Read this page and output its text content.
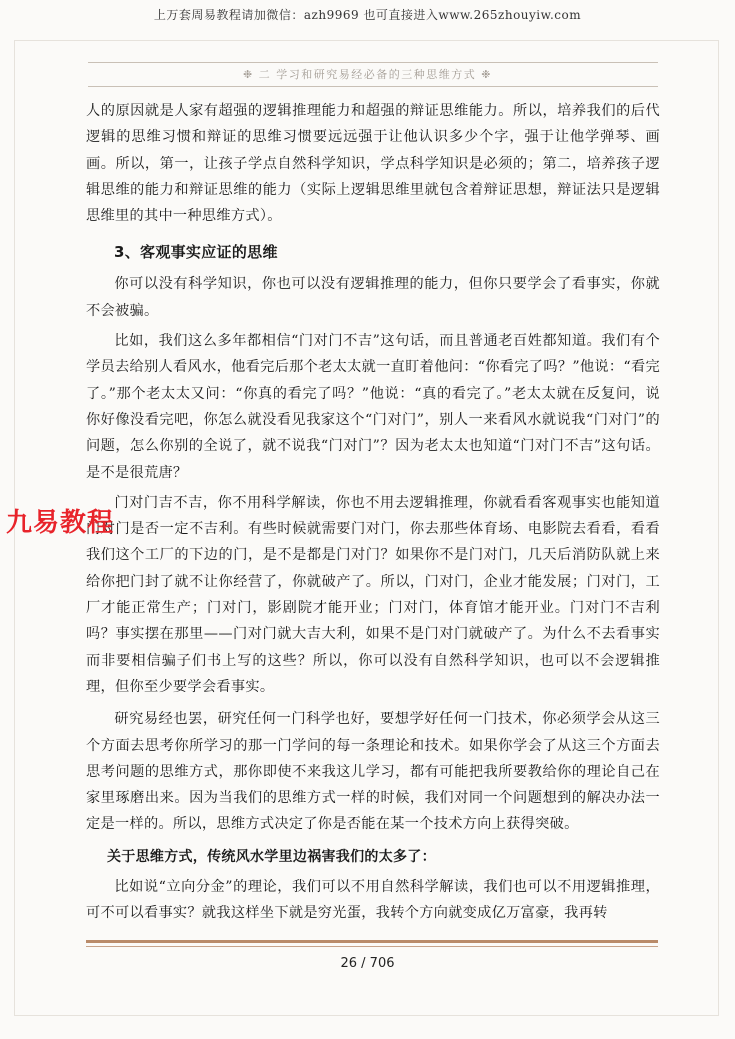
上万套周易教程请加微信：azh9969 也可直接进入www.265zhouyiw.com
❉ 二 学习和研究易经必备的三种思维方式 ❉

人的原因就是人家有超强的逻辑推理能力和超强的辩证思维能力。所以，培养我们的后代逻辑的思维习惯和辩证的思维习惯要远远强于让他认识多少个字，强于让他学弹琴、画画。所以，第一，让孩子学点自然科学知识，学点科学知识是必须的；第二，培养孩子逻辑思维的能力和辩证思维的能力（实际上逻辑思维里就包含着辩证思想，辩证法只是逻辑思维里的其中一种思维方式）。

3、客观事实应证的思维

你可以没有科学知识，你也可以没有逻辑推理的能力，但你只要学会了看事实，你就不会被骗。

比如，我们这么多年都相信“门对门不吉”这句话，而且普通老百姓都知道。我们有个学员去给别人看风水，他看完后那个老太太就一直盯着他问：“你看完了吗？”他说：“看完了。”那个老太太又问：“你真的看完了吗？”他说：“真的看完了。”老太太就在反复问，说你好像没看完吧，你怎么就没看见我家这个“门对门”，别人一来看风水就说我“门对门”的问题，怎么你别的全说了，就不说我“门对门”？因为老太太也知道“门对门不吉”这句话。是不是很荒唐？

门对门吉不吉，你不用科学解读，你也不用去逻辑推理，你就看看客观事实也能知道门对门是否一定不吉利。有些时候就需要门对门，你去那些体育场、电影院去看看，看看我们这个工厂的下边的门，是不是都是门对门？如果你不是门对门，几天后消防队就上来给你把门封了就不让你经营了，你就破产了。所以，门对门，企业才能发展；门对门，工厂才能正常生产；门对门，影剧院才能开业；门对门，体育馆才能开业。门对门不吉利吗？事实摆在那里——门对门就大吉大利，如果不是门对门就破产了。为什么不去看事实而非要相信骗子们书上写的这些？所以，你可以没有自然科学知识，也可以不会逻辑推理，但你至少要学会看事实。

研究易经也罢，研究任何一门科学也好，要想学好任何一门技术，你必须学会从这三个方面去思考你所学习的那一门学问的每一条理论和技术。如果你学会了从这三个方面去思考问题的思维方式，那你即使不来我这儿学习，都有可能把我所要教给你的理论自己在家里琢磨出来。因为当我们的思维方式一样的时候，我们对同一个问题想到的解决办法一定是一样的。所以，思维方式决定了你是否能在某一个技术方向上获得突破。

关于思维方式，传统风水学里边祸害我们的太多了：

比如说“立向分金”的理论，我们可以不用自然科学解读，我们也可以不用逻辑推理，可不可以看事实？就我这样坐下就是穷光蛋，我转个方向就变成亿万富豪，我再转

九易教程
26 / 706
